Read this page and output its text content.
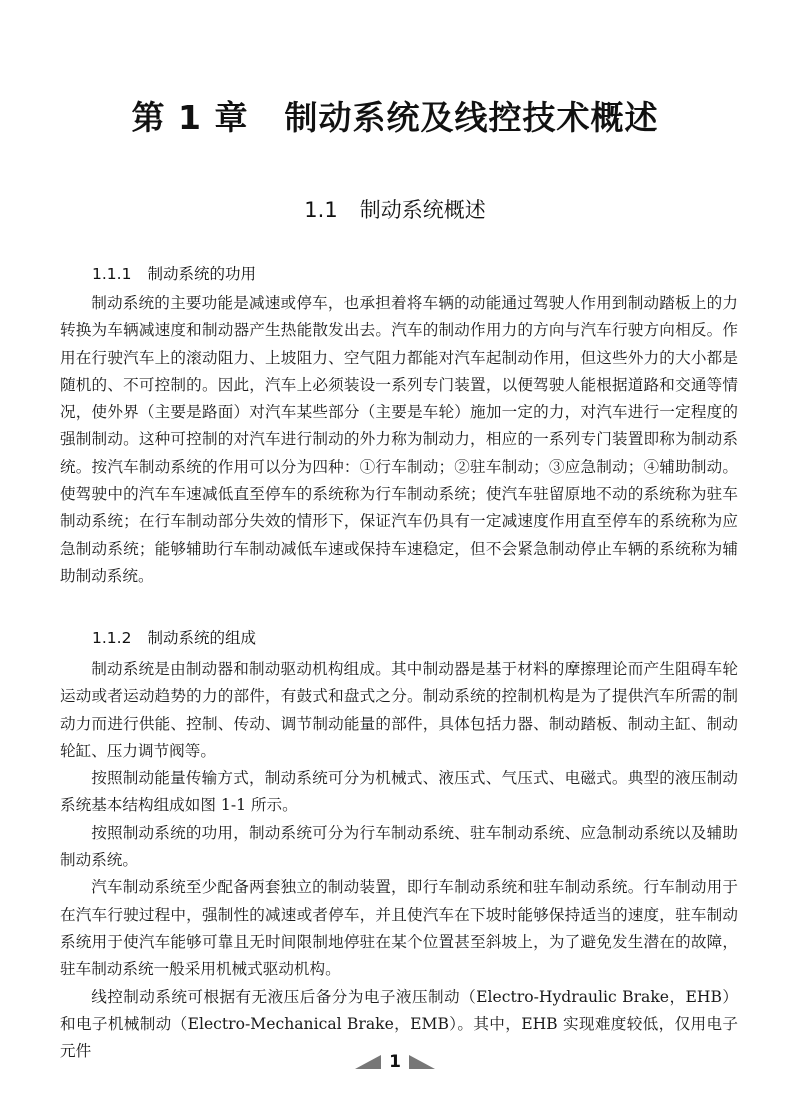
第 1 章 制动系统及线控技术概述
1.1 制动系统概述
1.1.1 制动系统的功用

制动系统的主要功能是减速或停车，也承担着将车辆的动能通过驾驶人作用到制动踏板上的力转换为车辆减速度和制动器产生热能散发出去。汽车的制动作用力的方向与汽车行驶方向相反。作用在行驶汽车上的滚动阻力、上坡阻力、空气阻力都能对汽车起制动作用，但这些外力的大小都是随机的、不可控制的。因此，汽车上必须装设一系列专门装置，以便驾驶人能根据道路和交通等情况，使外界（主要是路面）对汽车某些部分（主要是车轮）施加一定的力，对汽车进行一定程度的强制制动。这种可控制的对汽车进行制动的外力称为制动力，相应的一系列专门装置即称为制动系统。按汽车制动系统的作用可以分为四种：①行车制动；②驻车制动；③应急制动；④辅助制动。使驾驶中的汽车车速减低直至停车的系统称为行车制动系统；使汽车驻留原地不动的系统称为驻车制动系统；在行车制动部分失效的情形下，保证汽车仍具有一定减速度作用直至停车的系统称为应急制动系统；能够辅助行车制动减低车速或保持车速稳定，但不会紧急制动停止车辆的系统称为辅助制动系统。

1.1.2 制动系统的组成

制动系统是由制动器和制动驱动机构组成。其中制动器是基于材料的摩擦理论而产生阻碍车轮运动或者运动趋势的力的部件，有鼓式和盘式之分。制动系统的控制机构是为了提供汽车所需的制动力而进行供能、控制、传动、调节制动能量的部件，具体包括力器、制动踏板、制动主缸、制动轮缸、压力调节阀等。

按照制动能量传输方式，制动系统可分为机械式、液压式、气压式、电磁式。典型的液压制动系统基本结构组成如图 1-1 所示。

按照制动系统的功用，制动系统可分为行车制动系统、驻车制动系统、应急制动系统以及辅助制动系统。

汽车制动系统至少配备两套独立的制动装置，即行车制动系统和驻车制动系统。行车制动用于在汽车行驶过程中，强制性的减速或者停车，并且使汽车在下坡时能够保持适当的速度，驻车制动系统用于使汽车能够可靠且无时间限制地停驻在某个位置甚至斜坡上，为了避免发生潜在的故障，驻车制动系统一般采用机械式驱动机构。

线控制动系统可根据有无液压后备分为电子液压制动（Electro-Hydraulic Brake，EHB）和电子机械制动（Electro-Mechanical Brake，EMB）。其中，EHB 实现难度较低，仅用电子元件

1
